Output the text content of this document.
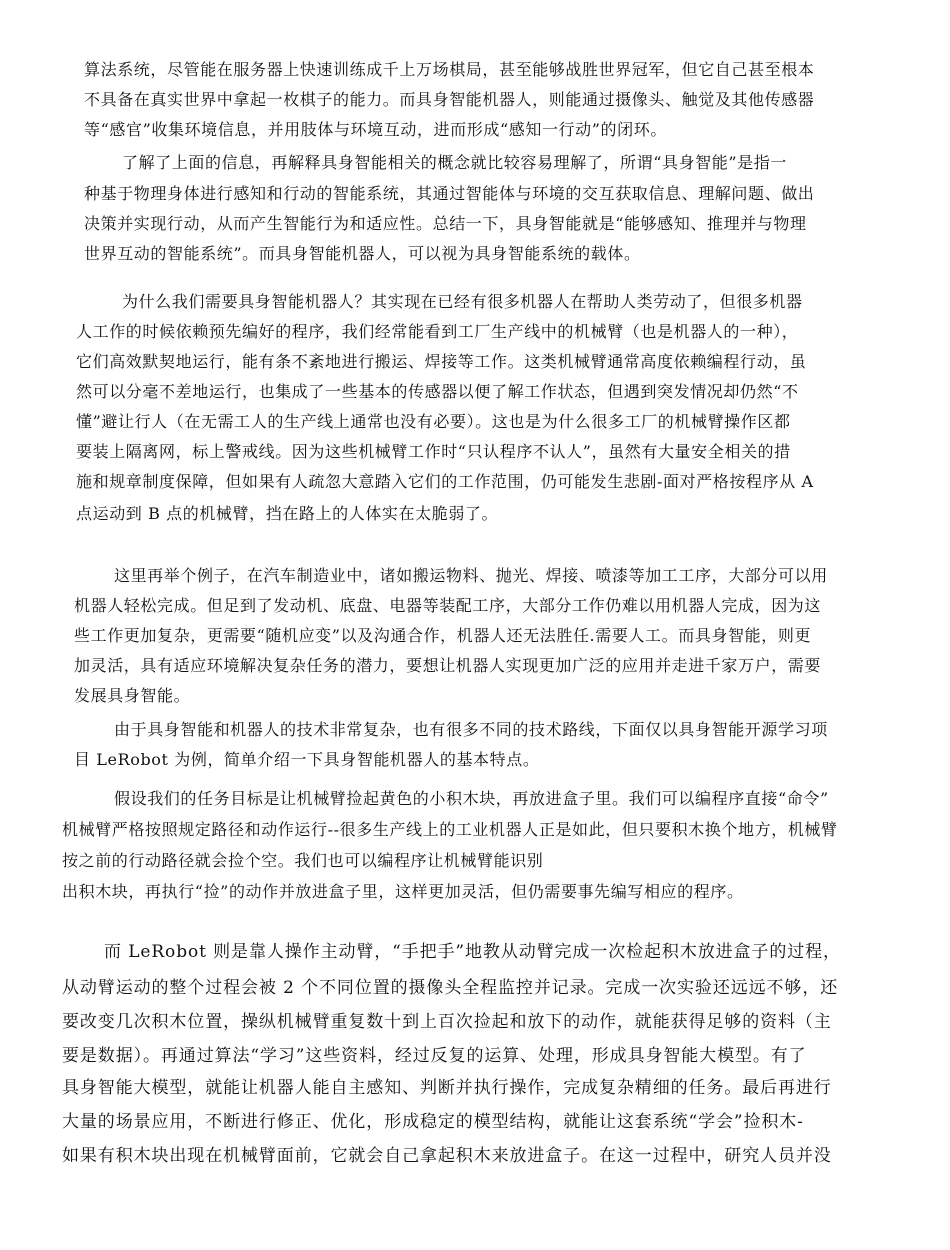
算法系统，尽管能在服务器上快速训练成千上万场棋局，甚至能够战胜世界冠军，但它自己甚至根本
不具备在真实世界中拿起一枚棋子的能力。而具身智能机器人，则能通过摄像头、触觉及其他传感器
等“感官”收集环境信息，并用肢体与环境互动，进而形成“感知一行动”的闭环。
了解了上面的信息，再解释具身智能相关的概念就比较容易理解了，所谓“具身智能”是指一
种基于物理身体进行感知和行动的智能系统，其通过智能体与环境的交互获取信息、理解问题、做出
决策并实现行动，从而产生智能行为和适应性。总结一下，具身智能就是“能够感知、推理并与物理
世界互动的智能系统”。而具身智能机器人，可以视为具身智能系统的载体。
为什么我们需要具身智能机器人？其实现在已经有很多机器人在帮助人类劳动了，但很多机器
人工作的时候依赖预先编好的程序，我们经常能看到工厂生产线中的机械臂（也是机器人的一种），
它们高效默契地运行，能有条不紊地进行搬运、焊接等工作。这类机械臂通常高度依赖编程行动，虽
然可以分毫不差地运行，也集成了一些基本的传感器以便了解工作状态，但遇到突发情况却仍然“不
懂”避让行人（在无需工人的生产线上通常也没有必要）。这也是为什么很多工厂的机械臂操作区都
要装上隔离网，标上警戒线。因为这些机械臂工作时“只认程序不认人”，虽然有大量安全相关的措
施和规章制度保障，但如果有人疏忽大意踏入它们的工作范围，仍可能发生悲剧-面对严格按程序从 A
点运动到 B 点的机械臂，挡在路上的人体实在太脆弱了。
这里再举个例子，在汽车制造业中，诸如搬运物料、抛光、焊接、喷漆等加工工序，大部分可以用
机器人轻松完成。但足到了发动机、底盘、电器等装配工序，大部分工作仍难以用机器人完成，因为这
些工作更加复杂，更需要“随机应变”以及沟通合作，机器人还无法胜任.需要人工。而具身智能，则更
加灵活，具有适应环境解决复杂任务的潜力，要想让机器人实现更加广泛的应用并走进千家万户，需要
发展具身智能。
由于具身智能和机器人的技术非常复杂，也有很多不同的技术路线，下面仅以具身智能开源学习项
目 LeRobot 为例，简单介绍一下具身智能机器人的基本特点。
假设我们的任务目标是让机械臂捡起黄色的小积木块，再放进盒子里。我们可以编程序直接“命令”
机械臂严格按照规定路径和动作运行--很多生产线上的工业机器人正是如此，但只要积木换个地方，机械臂
按之前的行动路径就会捡个空。我们也可以编程序让机械臂能识别
出积木块，再执行“捡”的动作并放进盒子里，这样更加灵活，但仍需要事先编写相应的程序。
而 LeRobot 则是靠人操作主动臂，“手把手”地教从动臂完成一次检起积木放进盒子的过程，
从动臂运动的整个过程会被 2 个不同位置的摄像头全程监控并记录。完成一次实验还远远不够，还
要改变几次积木位置，操纵机械臂重复数十到上百次捡起和放下的动作，就能获得足够的资料（主
要是数据）。再通过算法“学习”这些资料，经过反复的运算、处理，形成具身智能大模型。有了
具身智能大模型，就能让机器人能自主感知、判断并执行操作，完成复杂精细的任务。最后再进行
大量的场景应用，不断进行修正、优化，形成稳定的模型结构，就能让这套系统“学会”捡积木-
如果有积木块出现在机械臂面前，它就会自己拿起积木来放进盒子。在这一过程中，研究人员并没
